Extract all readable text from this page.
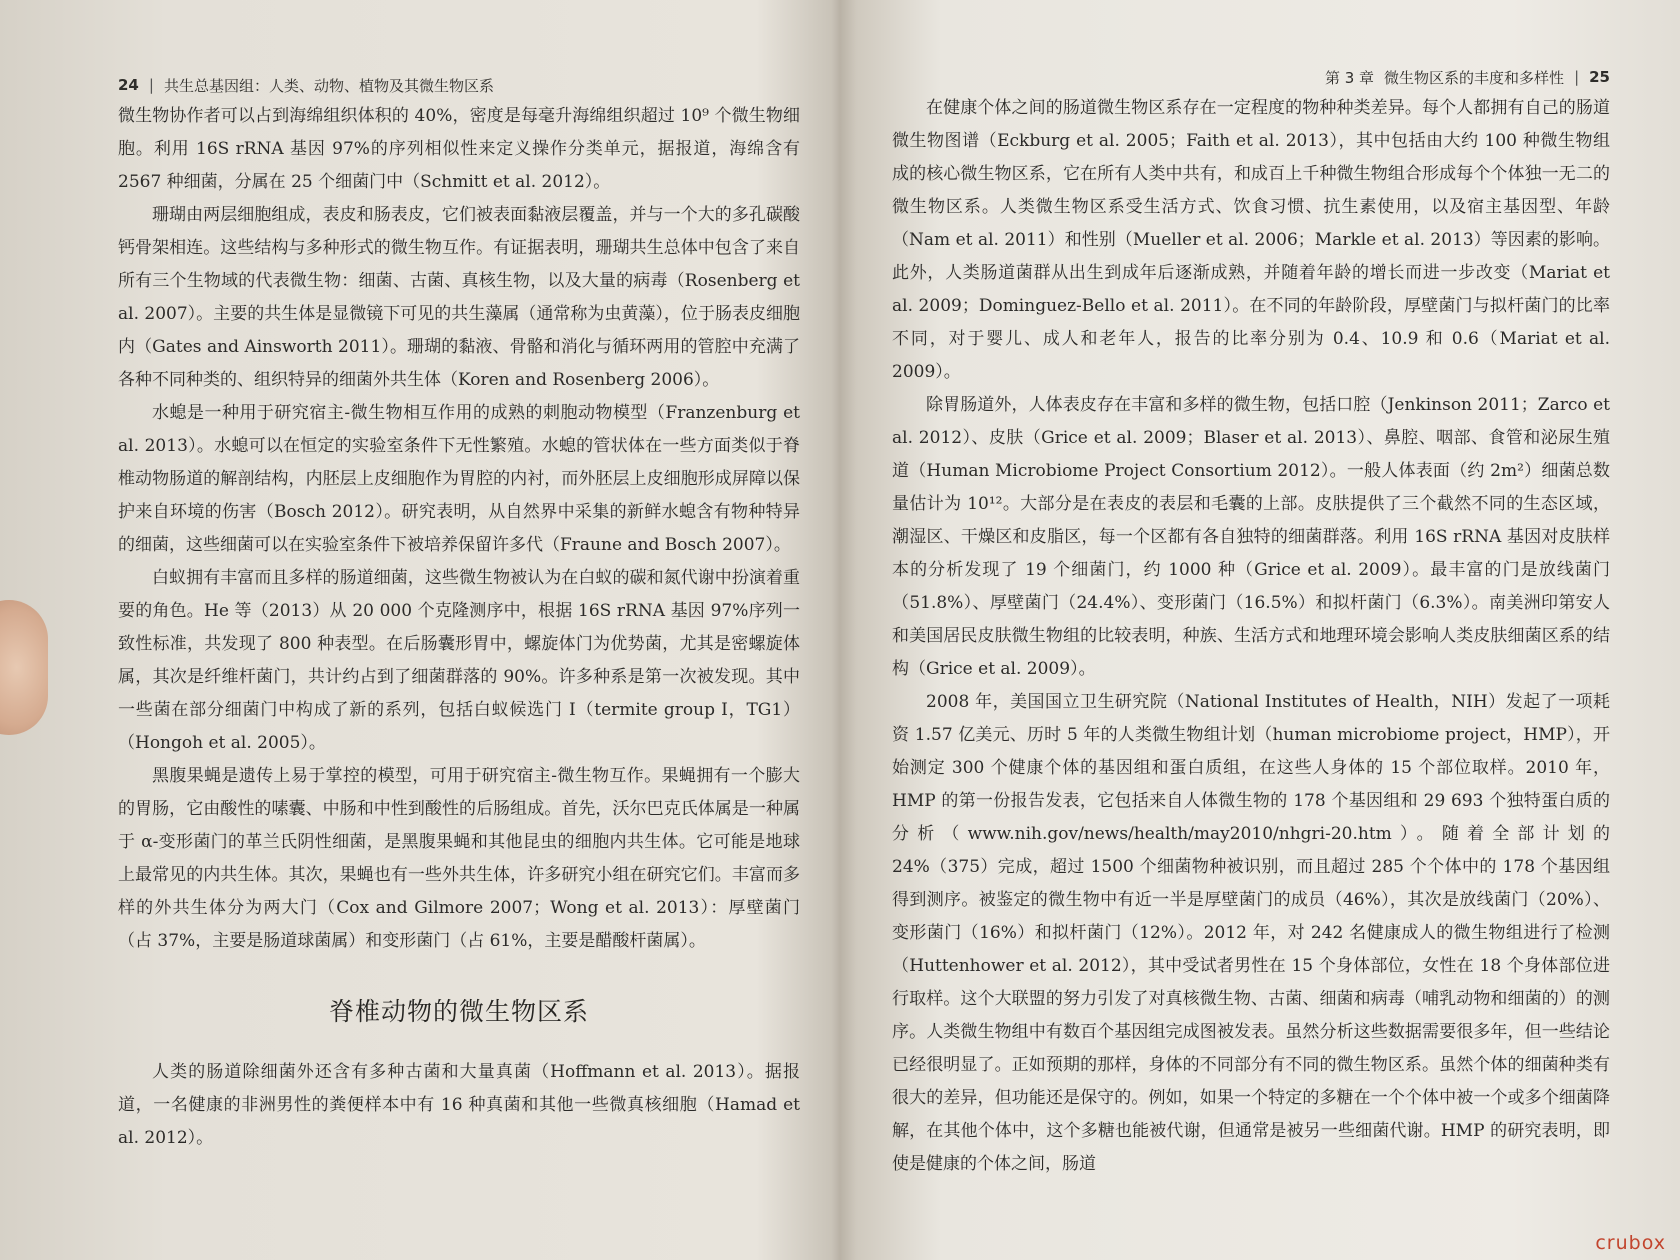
24 | 共生总基因组：人类、动物、植物及其微生物区系

微生物协作者可以占到海绵组织体积的 40%，密度是每毫升海绵组织超过 10⁹ 个微生物细胞。利用 16S rRNA 基因 97%的序列相似性来定义操作分类单元，据报道，海绵含有 2567 种细菌，分属在 25 个细菌门中（Schmitt et al. 2012）。

珊瑚由两层细胞组成，表皮和肠表皮，它们被表面黏液层覆盖，并与一个大的多孔碳酸钙骨架相连。这些结构与多种形式的微生物互作。有证据表明，珊瑚共生总体中包含了来自所有三个生物域的代表微生物：细菌、古菌、真核生物，以及大量的病毒（Rosenberg et al. 2007）。主要的共生体是显微镜下可见的共生藻属（通常称为虫黄藻），位于肠表皮细胞内（Gates and Ainsworth 2011）。珊瑚的黏液、骨骼和消化与循环两用的管腔中充满了各种不同种类的、组织特异的细菌外共生体（Koren and Rosenberg 2006）。

水螅是一种用于研究宿主-微生物相互作用的成熟的刺胞动物模型（Franzenburg et al. 2013）。水螅可以在恒定的实验室条件下无性繁殖。水螅的管状体在一些方面类似于脊椎动物肠道的解剖结构，内胚层上皮细胞作为胃腔的内衬，而外胚层上皮细胞形成屏障以保护来自环境的伤害（Bosch 2012）。研究表明，从自然界中采集的新鲜水螅含有物种特异的细菌，这些细菌可以在实验室条件下被培养保留许多代（Fraune and Bosch 2007）。

白蚁拥有丰富而且多样的肠道细菌，这些微生物被认为在白蚁的碳和氮代谢中扮演着重要的角色。He 等（2013）从 20 000 个克隆测序中，根据 16S rRNA 基因 97%序列一致性标准，共发现了 800 种表型。在后肠囊形胃中，螺旋体门为优势菌，尤其是密螺旋体属，其次是纤维杆菌门，共计约占到了细菌群落的 90%。许多种系是第一次被发现。其中一些菌在部分细菌门中构成了新的系列，包括白蚁候选门 I（termite group I，TG1）（Hongoh et al. 2005）。

黑腹果蝇是遗传上易于掌控的模型，可用于研究宿主-微生物互作。果蝇拥有一个膨大的胃肠，它由酸性的嗉囊、中肠和中性到酸性的后肠组成。首先，沃尔巴克氏体属是一种属于 α-变形菌门的革兰氏阴性细菌，是黑腹果蝇和其他昆虫的细胞内共生体。它可能是地球上最常见的内共生体。其次，果蝇也有一些外共生体，许多研究小组在研究它们。丰富而多样的外共生体分为两大门（Cox and Gilmore 2007；Wong et al. 2013）：厚壁菌门（占 37%，主要是肠道球菌属）和变形菌门（占 61%，主要是醋酸杆菌属）。

脊椎动物的微生物区系

人类的肠道除细菌外还含有多种古菌和大量真菌（Hoffmann et al. 2013）。据报道，一名健康的非洲男性的粪便样本中有 16 种真菌和其他一些微真核细胞（Hamad et al. 2012）。

第 3 章 微生物区系的丰度和多样性 | 25

在健康个体之间的肠道微生物区系存在一定程度的物种种类差异。每个人都拥有自己的肠道微生物图谱（Eckburg et al. 2005；Faith et al. 2013），其中包括由大约 100 种微生物组成的核心微生物区系，它在所有人类中共有，和成百上千种微生物组合形成每个个体独一无二的微生物区系。人类微生物区系受生活方式、饮食习惯、抗生素使用，以及宿主基因型、年龄（Nam et al. 2011）和性别（Mueller et al. 2006；Markle et al. 2013）等因素的影响。此外，人类肠道菌群从出生到成年后逐渐成熟，并随着年龄的增长而进一步改变（Mariat et al. 2009；Dominguez-Bello et al. 2011）。在不同的年龄阶段，厚壁菌门与拟杆菌门的比率不同，对于婴儿、成人和老年人，报告的比率分别为 0.4、10.9 和 0.6（Mariat et al. 2009）。

除胃肠道外，人体表皮存在丰富和多样的微生物，包括口腔（Jenkinson 2011；Zarco et al. 2012）、皮肤（Grice et al. 2009；Blaser et al. 2013）、鼻腔、咽部、食管和泌尿生殖道（Human Microbiome Project Consortium 2012）。一般人体表面（约 2m²）细菌总数量估计为 10¹²。大部分是在表皮的表层和毛囊的上部。皮肤提供了三个截然不同的生态区域，潮湿区、干燥区和皮脂区，每一个区都有各自独特的细菌群落。利用 16S rRNA 基因对皮肤样本的分析发现了 19 个细菌门，约 1000 种（Grice et al. 2009）。最丰富的门是放线菌门（51.8%）、厚壁菌门（24.4%）、变形菌门（16.5%）和拟杆菌门（6.3%）。南美洲印第安人和美国居民皮肤微生物组的比较表明，种族、生活方式和地理环境会影响人类皮肤细菌区系的结构（Grice et al. 2009）。

2008 年，美国国立卫生研究院（National Institutes of Health，NIH）发起了一项耗资 1.57 亿美元、历时 5 年的人类微生物组计划（human microbiome project，HMP），开始测定 300 个健康个体的基因组和蛋白质组，在这些人身体的 15 个部位取样。2010 年，HMP 的第一份报告发表，它包括来自人体微生物的 178 个基因组和 29 693 个独特蛋白质的分析（www.nih.gov/news/health/may2010/nhgri-20.htm）。随着全部计划的 24%（375）完成，超过 1500 个细菌物种被识别，而且超过 285 个个体中的 178 个基因组得到测序。被鉴定的微生物中有近一半是厚壁菌门的成员（46%），其次是放线菌门（20%）、变形菌门（16%）和拟杆菌门（12%）。2012 年，对 242 名健康成人的微生物组进行了检测（Huttenhower et al. 2012），其中受试者男性在 15 个身体部位，女性在 18 个身体部位进行取样。这个大联盟的努力引发了对真核微生物、古菌、细菌和病毒（哺乳动物和细菌的）的测序。人类微生物组中有数百个基因组完成图被发表。虽然分析这些数据需要很多年，但一些结论已经很明显了。正如预期的那样，身体的不同部分有不同的微生物区系。虽然个体的细菌种类有很大的差异，但功能还是保守的。例如，如果一个特定的多糖在一个个体中被一个或多个细菌降解，在其他个体中，这个多糖也能被代谢，但通常是被另一些细菌代谢。HMP 的研究表明，即使是健康的个体之间，肠道

crubox
